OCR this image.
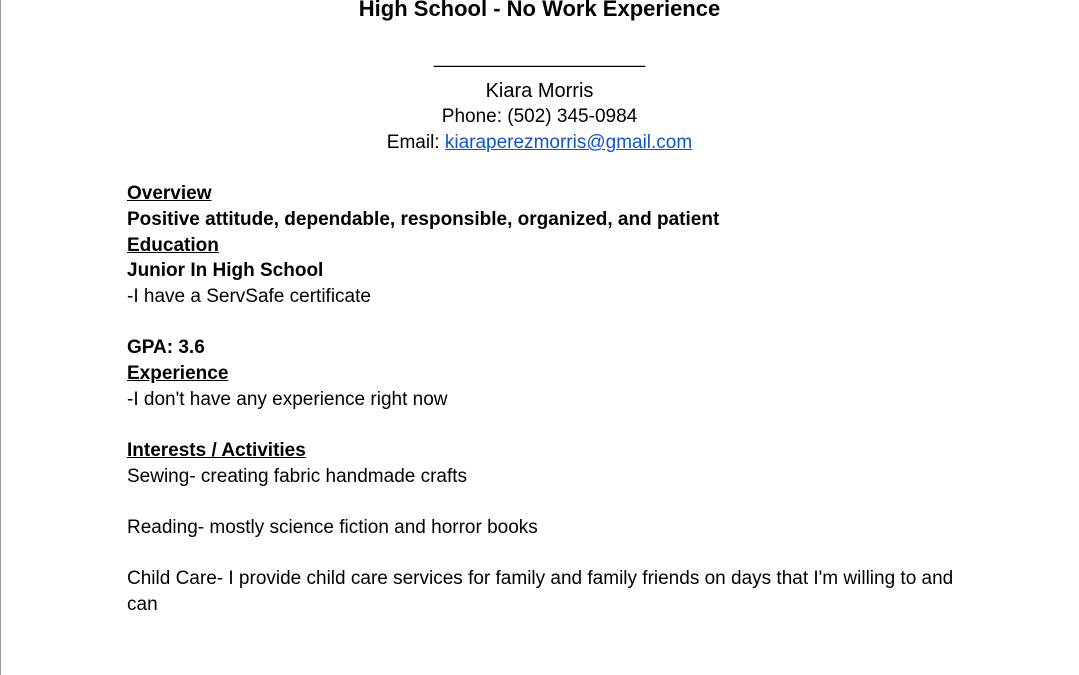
High School - No Work Experience
____________________
Kiara Morris
Phone: (502) 345-0984
Email: kiaraperezmorris@gmail.com
Overview
Positive attitude, dependable, responsible, organized, and patient
Education
Junior In High School
-I have a ServSafe certificate
GPA: 3.6
Experience
-I don't have any experience right now
Interests / Activities
Sewing- creating fabric handmade crafts
Reading- mostly science fiction and horror books
Child Care- I provide child care services for family and family friends on days that I'm willing to and can
